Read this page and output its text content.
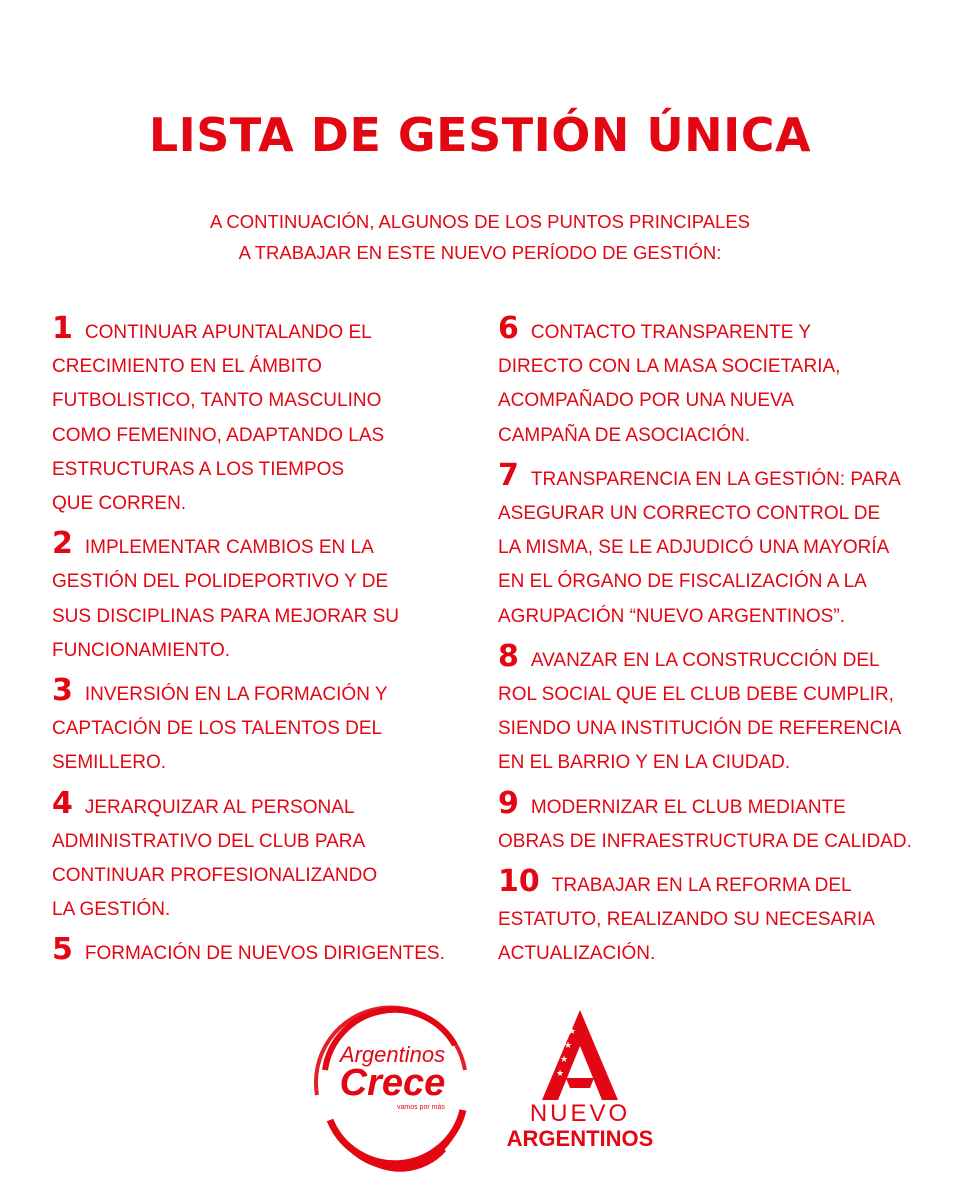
LISTA DE GESTIÓN ÚNICA
A CONTINUACIÓN, ALGUNOS DE LOS PUNTOS PRINCIPALES
A TRABAJAR EN ESTE NUEVO PERÍODO DE GESTIÓN:
1 CONTINUAR APUNTALANDO EL
CRECIMIENTO EN EL ÁMBITO
FUTBOLISTICO, TANTO MASCULINO
COMO FEMENINO, ADAPTANDO LAS
ESTRUCTURAS A LOS TIEMPOS
QUE CORREN.
2 IMPLEMENTAR CAMBIOS EN LA
GESTIÓN DEL POLIDEPORTIVO Y DE
SUS DISCIPLINAS PARA MEJORAR SU
FUNCIONAMIENTO.
3 INVERSIÓN EN LA FORMACIÓN Y
CAPTACIÓN DE LOS TALENTOS DEL
SEMILLERO.
4 JERARQUIZAR AL PERSONAL
ADMINISTRATIVO DEL CLUB PARA
CONTINUAR PROFESIONALIZANDO
LA GESTIÓN.
5 FORMACIÓN DE NUEVOS DIRIGENTES.
6 CONTACTO TRANSPARENTE Y
DIRECTO CON LA MASA SOCIETARIA,
ACOMPAÑADO POR UNA NUEVA
CAMPAÑA DE ASOCIACIÓN.
7 TRANSPARENCIA EN LA GESTIÓN: PARA
ASEGURAR UN CORRECTO CONTROL DE
LA MISMA, SE LE ADJUDICÓ UNA MAYORÍA
EN EL ÓRGANO DE FISCALIZACIÓN A LA
AGRUPACIÓN “NUEVO ARGENTINOS”.
8 AVANZAR EN LA CONSTRUCCIÓN DEL
ROL SOCIAL QUE EL CLUB DEBE CUMPLIR,
SIENDO UNA INSTITUCIÓN DE REFERENCIA
EN EL BARRIO Y EN LA CIUDAD.
9 MODERNIZAR EL CLUB MEDIANTE
OBRAS DE INFRAESTRUCTURA DE CALIDAD.
10 TRABAJAR EN LA REFORMA DEL
ESTATUTO, REALIZANDO SU NECESARIA
ACTUALIZACIÓN.
Argentinos
Crece
vamos por más
★
★
★
★
NUEVO
ARGENTINOS
